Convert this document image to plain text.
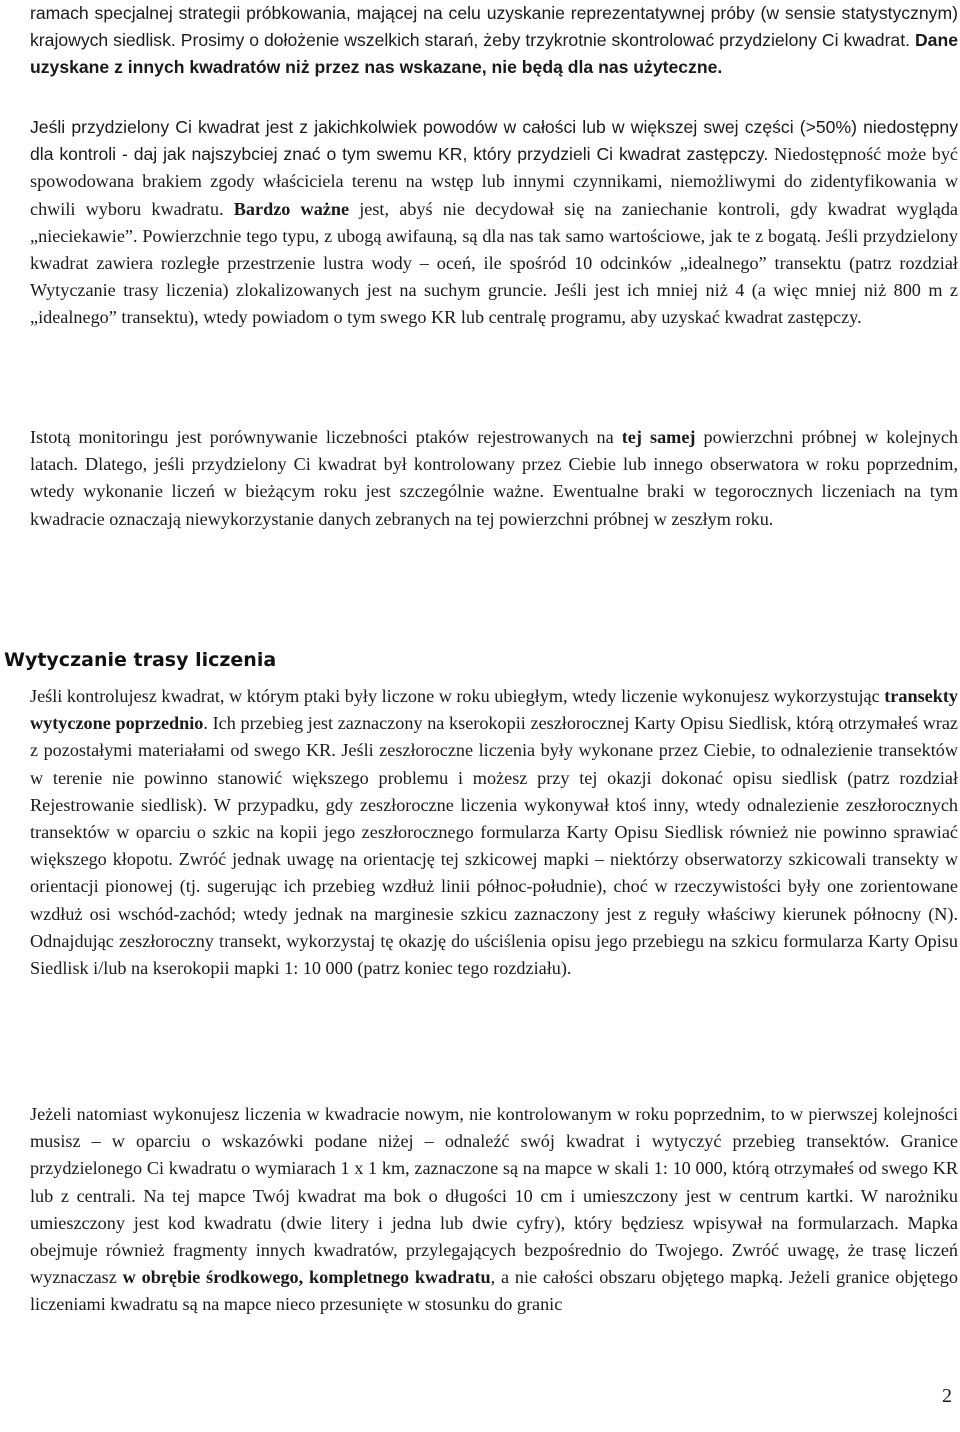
ramach specjalnej strategii próbkowania, mającej na celu uzyskanie reprezentatywnej próby (w sensie statystycznym) krajowych siedlisk. Prosimy o dołożenie wszelkich starań, żeby trzykrotnie skontrolować przydzielony Ci kwadrat. Dane uzyskane z innych kwadratów niż przez nas wskazane, nie będą dla nas użyteczne.

Jeśli przydzielony Ci kwadrat jest z jakichkolwiek powodów w całości lub w większej swej części (>50%) niedostępny dla kontroli - daj jak najszybciej znać o tym swemu KR, który przydzieli Ci kwadrat zastępczy. Niedostępność może być spowodowana brakiem zgody właściciela terenu na wstęp lub innymi czynnikami, niemożliwymi do zidentyfikowania w chwili wyboru kwadratu. Bardzo ważne jest, abyś nie decydował się na zaniechanie kontroli, gdy kwadrat wygląda „nieciekawie”. Powierzchnie tego typu, z ubogą awifauną, są dla nas tak samo wartościowe, jak te z bogatą. Jeśli przydzielony kwadrat zawiera rozległe przestrzenie lustra wody – oceń, ile spośród 10 odcinków „idealnego” transektu (patrz rozdział Wytyczanie trasy liczenia) zlokalizowanych jest na suchym gruncie. Jeśli jest ich mniej niż 4 (a więc mniej niż 800 m z „idealnego” transektu), wtedy powiadom o tym swego KR lub centralę programu, aby uzyskać kwadrat zastępczy.

Istotą monitoringu jest porównywanie liczebności ptaków rejestrowanych na tej samej powierzchni próbnej w kolejnych latach. Dlatego, jeśli przydzielony Ci kwadrat był kontrolowany przez Ciebie lub innego obserwatora w roku poprzednim, wtedy wykonanie liczeń w bieżącym roku jest szczególnie ważne. Ewentualne braki w tegorocznych liczeniach na tym kwadracie oznaczają niewykorzystanie danych zebranych na tej powierzchni próbnej w zeszłym roku.

Wytyczanie trasy liczenia

Jeśli kontrolujesz kwadrat, w którym ptaki były liczone w roku ubiegłym, wtedy liczenie wykonujesz wykorzystując transekty wytyczone poprzednio. Ich przebieg jest zaznaczony na kserokopii zeszłorocznej Karty Opisu Siedlisk, którą otrzymałeś wraz z pozostałymi materiałami od swego KR. Jeśli zeszłoroczne liczenia były wykonane przez Ciebie, to odnalezienie transektów w terenie nie powinno stanowić większego problemu i możesz przy tej okazji dokonać opisu siedlisk (patrz rozdział Rejestrowanie siedlisk). W przypadku, gdy zeszłoroczne liczenia wykonywał ktoś inny, wtedy odnalezienie zeszłorocznych transektów w oparciu o szkic na kopii jego zeszłorocznego formularza Karty Opisu Siedlisk również nie powinno sprawiać większego kłopotu. Zwróć jednak uwagę na orientację tej szkicowej mapki – niektórzy obserwatorzy szkicowali transekty w orientacji pionowej (tj. sugerując ich przebieg wzdłuż linii północ-południe), choć w rzeczywistości były one zorientowane wzdłuż osi wschód-zachód; wtedy jednak na marginesie szkicu zaznaczony jest z reguły właściwy kierunek północny (N). Odnajdując zeszłoroczny transekt, wykorzystaj tę okazję do uściślenia opisu jego przebiegu na szkicu formularza Karty Opisu Siedlisk i/lub na kserokopii mapki 1: 10 000 (patrz koniec tego rozdziału).

Jeżeli natomiast wykonujesz liczenia w kwadracie nowym, nie kontrolowanym w roku poprzednim, to w pierwszej kolejności musisz – w oparciu o wskazówki podane niżej – odnaleźć swój kwadrat i wytyczyć przebieg transektów. Granice przydzielonego Ci kwadratu o wymiarach 1 x 1 km, zaznaczone są na mapce w skali 1: 10 000, którą otrzymałeś od swego KR lub z centrali. Na tej mapce Twój kwadrat ma bok o długości 10 cm i umieszczony jest w centrum kartki. W narożniku umieszczony jest kod kwadratu (dwie litery i jedna lub dwie cyfry), który będziesz wpisywał na formularzach. Mapka obejmuje również fragmenty innych kwadratów, przylegających bezpośrednio do Twojego. Zwróć uwagę, że trasę liczeń wyznaczasz w obrębie środkowego, kompletnego kwadratu, a nie całości obszaru objętego mapką. Jeżeli granice objętego liczeniami kwadratu są na mapce nieco przesunięte w stosunku do granic

2
